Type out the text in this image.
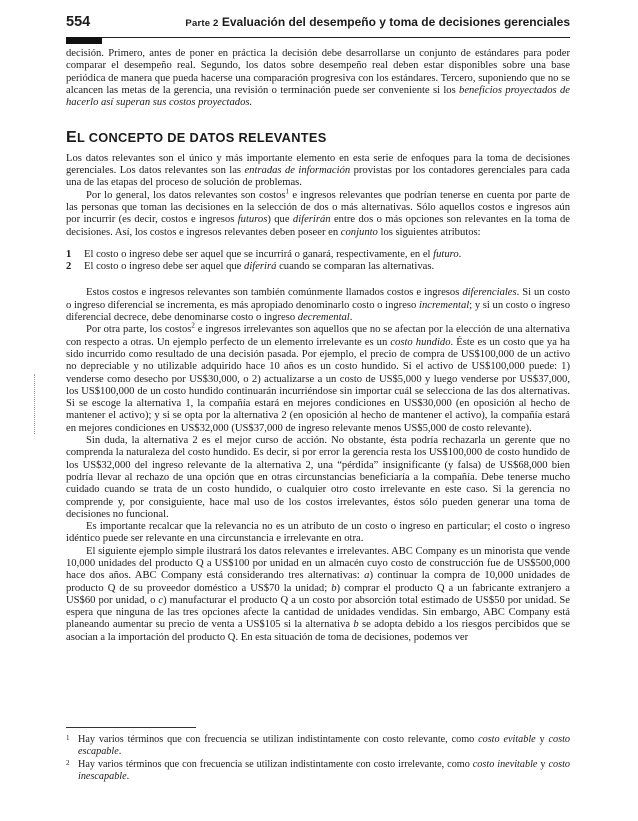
554	Parte 2 Evaluación del desempeño y toma de decisiones gerenciales

decisión. Primero, antes de poner en práctica la decisión debe desarrollarse un conjunto de estándares para poder comparar el desempeño real. Segundo, los datos sobre desempeño real deben estar disponibles sobre una base periódica de manera que pueda hacerse una comparación progresiva con los estándares. Tercero, suponiendo que no se alcancen las metas de la gerencia, una revisión o terminación puede ser conveniente si los beneficios proyectados de hacerlo así superan sus costos proyectados.

EL CONCEPTO DE DATOS RELEVANTES

Los datos relevantes son el único y más importante elemento en esta serie de enfoques para la toma de decisiones gerenciales. Los datos relevantes son las entradas de información provistas por los contadores gerenciales para cada una de las etapas del proceso de solución de problemas.

Por lo general, los datos relevantes son costos$^1$ e ingresos relevantes que podrían tenerse en cuenta por parte de las personas que toman las decisiones en la selección de dos o más alternativas. Sólo aquellos costos e ingresos aún por incurrir (es decir, costos e ingresos futuros) que diferirán entre dos o más opciones son relevantes en la toma de decisiones. Así, los costos e ingresos relevantes deben poseer en conjunto los siguientes atributos:

1 El costo o ingreso debe ser aquel que se incurrirá o ganará, respectivamente, en el futuro.
2 El costo o ingreso debe ser aquel que diferirá cuando se comparan las alternativas.

Estos costos e ingresos relevantes son también comúnmente llamados costos e ingresos diferenciales. Si un costo o ingreso diferencial se incrementa, es más apropiado denominarlo costo o ingreso incremental; y si un costo o ingreso diferencial decrece, debe denominarse costo o ingreso decremental.

Por otra parte, los costos$^2$ e ingresos irrelevantes son aquellos que no se afectan por la elección de una alternativa con respecto a otras. Un ejemplo perfecto de un elemento irrelevante es un costo hundido. Éste es un costo que ya ha sido incurrido como resultado de una decisión pasada. Por ejemplo, el precio de compra de US$100,000 de un activo no depreciable y no utilizable adquirido hace 10 años es un costo hundido. Si el activo de US$100,000 puede: 1) venderse como desecho por US$30,000, o 2) actualizarse a un costo de US$5,000 y luego venderse por US$37,000, los US$100,000 de un costo hundido continuarán incurriéndose sin importar cuál se selecciona de las dos alternativas. Si se escoge la alternativa 1, la compañía estará en mejores condiciones en US$30,000 (en oposición al hecho de mantener el activo); y si se opta por la alternativa 2 (en oposición al hecho de mantener el activo), la compañía estará en mejores condiciones en US$32,000 (US$37,000 de ingreso relevante menos US$5,000 de costo relevante).

Sin duda, la alternativa 2 es el mejor curso de acción. No obstante, ésta podría rechazarla un gerente que no comprenda la naturaleza del costo hundido. Es decir, si por error la gerencia resta los US$100,000 de costo hundido de los US$32,000 del ingreso relevante de la alternativa 2, una “pérdida” insignificante (y falsa) de US$68,000 bien podría llevar al rechazo de una opción que en otras circunstancias beneficiaría a la compañía. Debe tenerse mucho cuidado cuando se trata de un costo hundido, o cualquier otro costo irrelevante en este caso. Si la gerencia no comprende y, por consiguiente, hace mal uso de los costos irrelevantes, éstos sólo pueden generar una toma de decisiones no funcional.

Es importante recalcar que la relevancia no es un atributo de un costo o ingreso en particular; el costo o ingreso idéntico puede ser relevante en una circunstancia e irrelevante en otra.

El siguiente ejemplo simple ilustrará los datos relevantes e irrelevantes. ABC Company es un minorista que vende 10,000 unidades del producto Q a US$100 por unidad en un almacén cuyo costo de construcción fue de US$500,000 hace dos años. ABC Company está considerando tres alternativas: a) continuar la compra de 10,000 unidades de producto Q de su proveedor doméstico a US$70 la unidad; b) comprar el producto Q a un fabricante extranjero a US$60 por unidad, o c) manufacturar el producto Q a un costo por absorción total estimado de US$50 por unidad. Se espera que ninguna de las tres opciones afecte la cantidad de unidades vendidas. Sin embargo, ABC Company está planeando aumentar su precio de venta a US$105 si la alternativa b se adopta debido a los riesgos percibidos que se asocian a la importación del producto Q. En esta situación de toma de decisiones, podemos ver

1 Hay varios términos que con frecuencia se utilizan indistintamente con costo relevante, como costo evitable y costo escapable.
2 Hay varios términos que con frecuencia se utilizan indistintamente con costo irrelevante, como costo inevitable y costo inescapable.
